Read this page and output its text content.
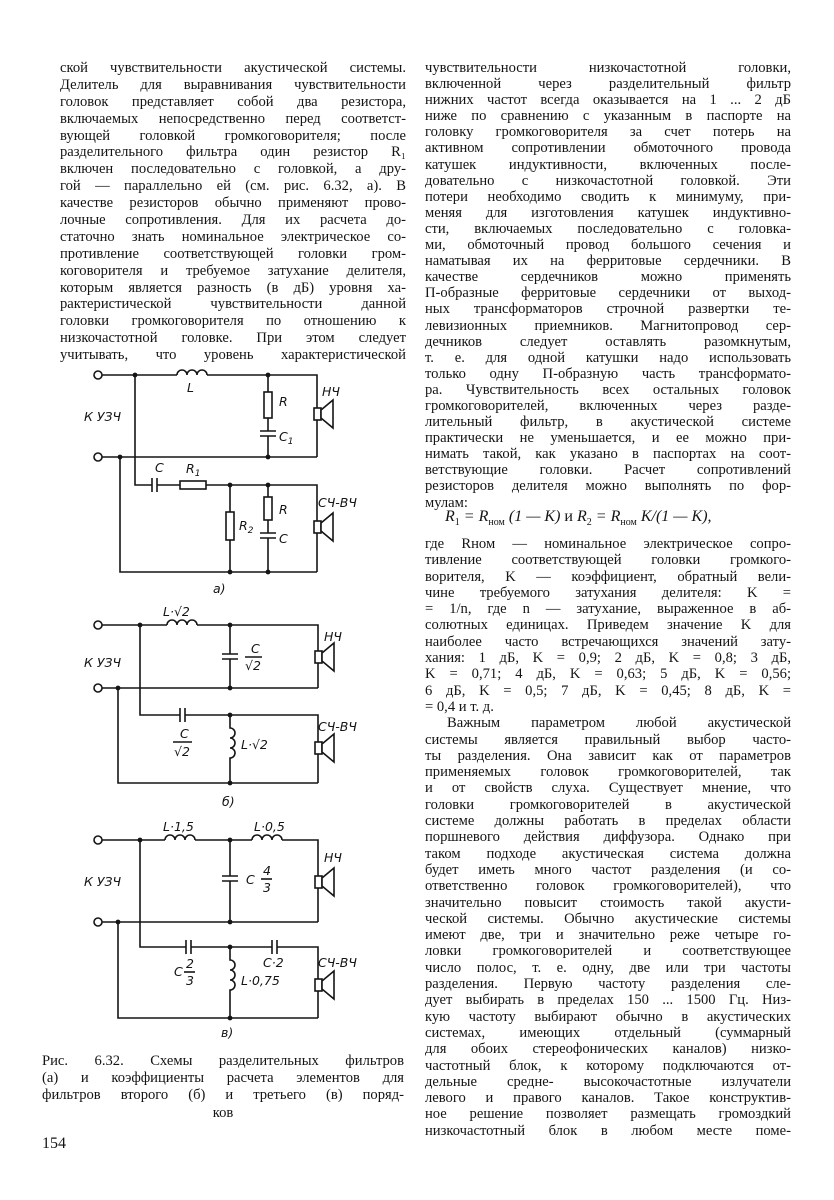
ской чувствительности акустической системы.
Делитель для выравнивания чувствительности
головок представляет собой два резистора,
включаемых непосредственно перед соответст-
вующей головкой громкоговорителя; после
разделительного фильтра один резистор R₁
включен последовательно с головкой, а дру-
гой — параллельно ей (см. рис. 6.32, а). В
качестве резисторов обычно применяют прово-
лочные сопротивления. Для их расчета до-
статочно знать номинальное электрическое со-
противление соответствующей головки гром-
коговорителя и требуемое затухание делителя,
которым является разность (в дБ) уровня ха-
рактеристической чувствительности данной
головки громкоговорителя по отношению к
низкочастотной головке. При этом следует
учитывать, что уровень характеристической
чувствительности низкочастотной головки,
включенной через разделительный фильтр
нижних частот всегда оказывается на 1 ... 2 дБ
ниже по сравнению с указанным в паспорте на
головку громкоговорителя за счет потерь на
активном сопротивлении обмоточного провода
катушек индуктивности, включенных после-
довательно с низкочастотной головкой. Эти
потери необходимо сводить к минимуму, при-
меняя для изготовления катушек индуктивно-
сти, включаемых последовательно с головка-
ми, обмоточный провод большого сечения и
наматывая их на ферритовые сердечники. В
качестве сердечников можно применять
П-образные ферритовые сердечники от выход-
ных трансформаторов строчной развертки те-
левизионных приемников. Магнитопровод сер-
дечников следует оставлять разомкнутым,
т. е. для одной катушки надо использовать
только одну П-образную часть трансформато-
ра. Чувствительность всех остальных головок
громкоговорителей, включенных через разде-
лительный фильтр, в акустической системе
практически не уменьшается, и ее можно при-
нимать такой, как указано в паспортах на соот-
ветствующие головки. Расчет сопротивлений
резисторов делителя можно выполнять по фор-
мулам:
$R_1 = R_{ном}$ (1 — K) и $R_2 = R_{ном}$ K/(1 — K),
где Rном — номинальное электрическое сопро-
тивление соответствующей головки громкого-
ворителя, K — коэффициент, обратный вели-
чине требуемого затухания делителя: K =
= 1/n, где n — затухание, выраженное в аб-
солютных единицах. Приведем значение K для
наиболее часто встречающихся значений зату-
хания: 1 дБ, K = 0,9; 2 дБ, K = 0,8; 3 дБ,
K = 0,71; 4 дБ, K = 0,63; 5 дБ, K = 0,56;
6 дБ, K = 0,5; 7 дБ, K = 0,45; 8 дБ, K =
= 0,4 и т. д.
Важным параметром любой акустической
системы является правильный выбор часто-
ты разделения. Она зависит как от параметров
применяемых головок громкоговорителей, так
и от свойств слуха. Существует мнение, что
головки громкоговорителей в акустической
системе должны работать в пределах области
поршневого действия диффузора. Однако при
таком подходе акустическая система должна
будет иметь много частот разделения (и со-
ответственно головок громкоговорителей), что
значительно повысит стоимость такой акусти-
ческой системы. Обычно акустические системы
имеют две, три и значительно реже четыре го-
ловки громкоговорителей и соответствующее
число полос, т. е. одну, две или три частоты
разделения. Первую частоту разделения сле-
дует выбирать в пределах 150 ... 1500 Гц. Низ-
кую частоту выбирают обычно в акустических
системах, имеющих отдельный (суммарный
для обоих стереофонических каналов) низко-
частотный блок, к которому подключаются от-
дельные средне- высокочастотные излучатели
левого и правого каналов. Такое конструктив-
ное решение позволяет размещать громоздкий
низкочастотный блок в любом месте поме-
К УЗЧ
L
R
$C_1$
НЧ
C $R_1$
$R_2$
R
C
СЧ-ВЧ
а)
К УЗЧ
L·√2
C
√2
НЧ
C
√2	L·√2
СЧ-ВЧ
б)
К УЗЧ
L·1,5	L·0,5
C
4
3
НЧ
C
2
3
C·2
L·0,75
СЧ-ВЧ
в)
Рис. 6.32. Схемы разделительных фильтров
(а) и коэффициенты расчета элементов для
фильтров второго (б) и третьего (в) поряд-
ков
154
